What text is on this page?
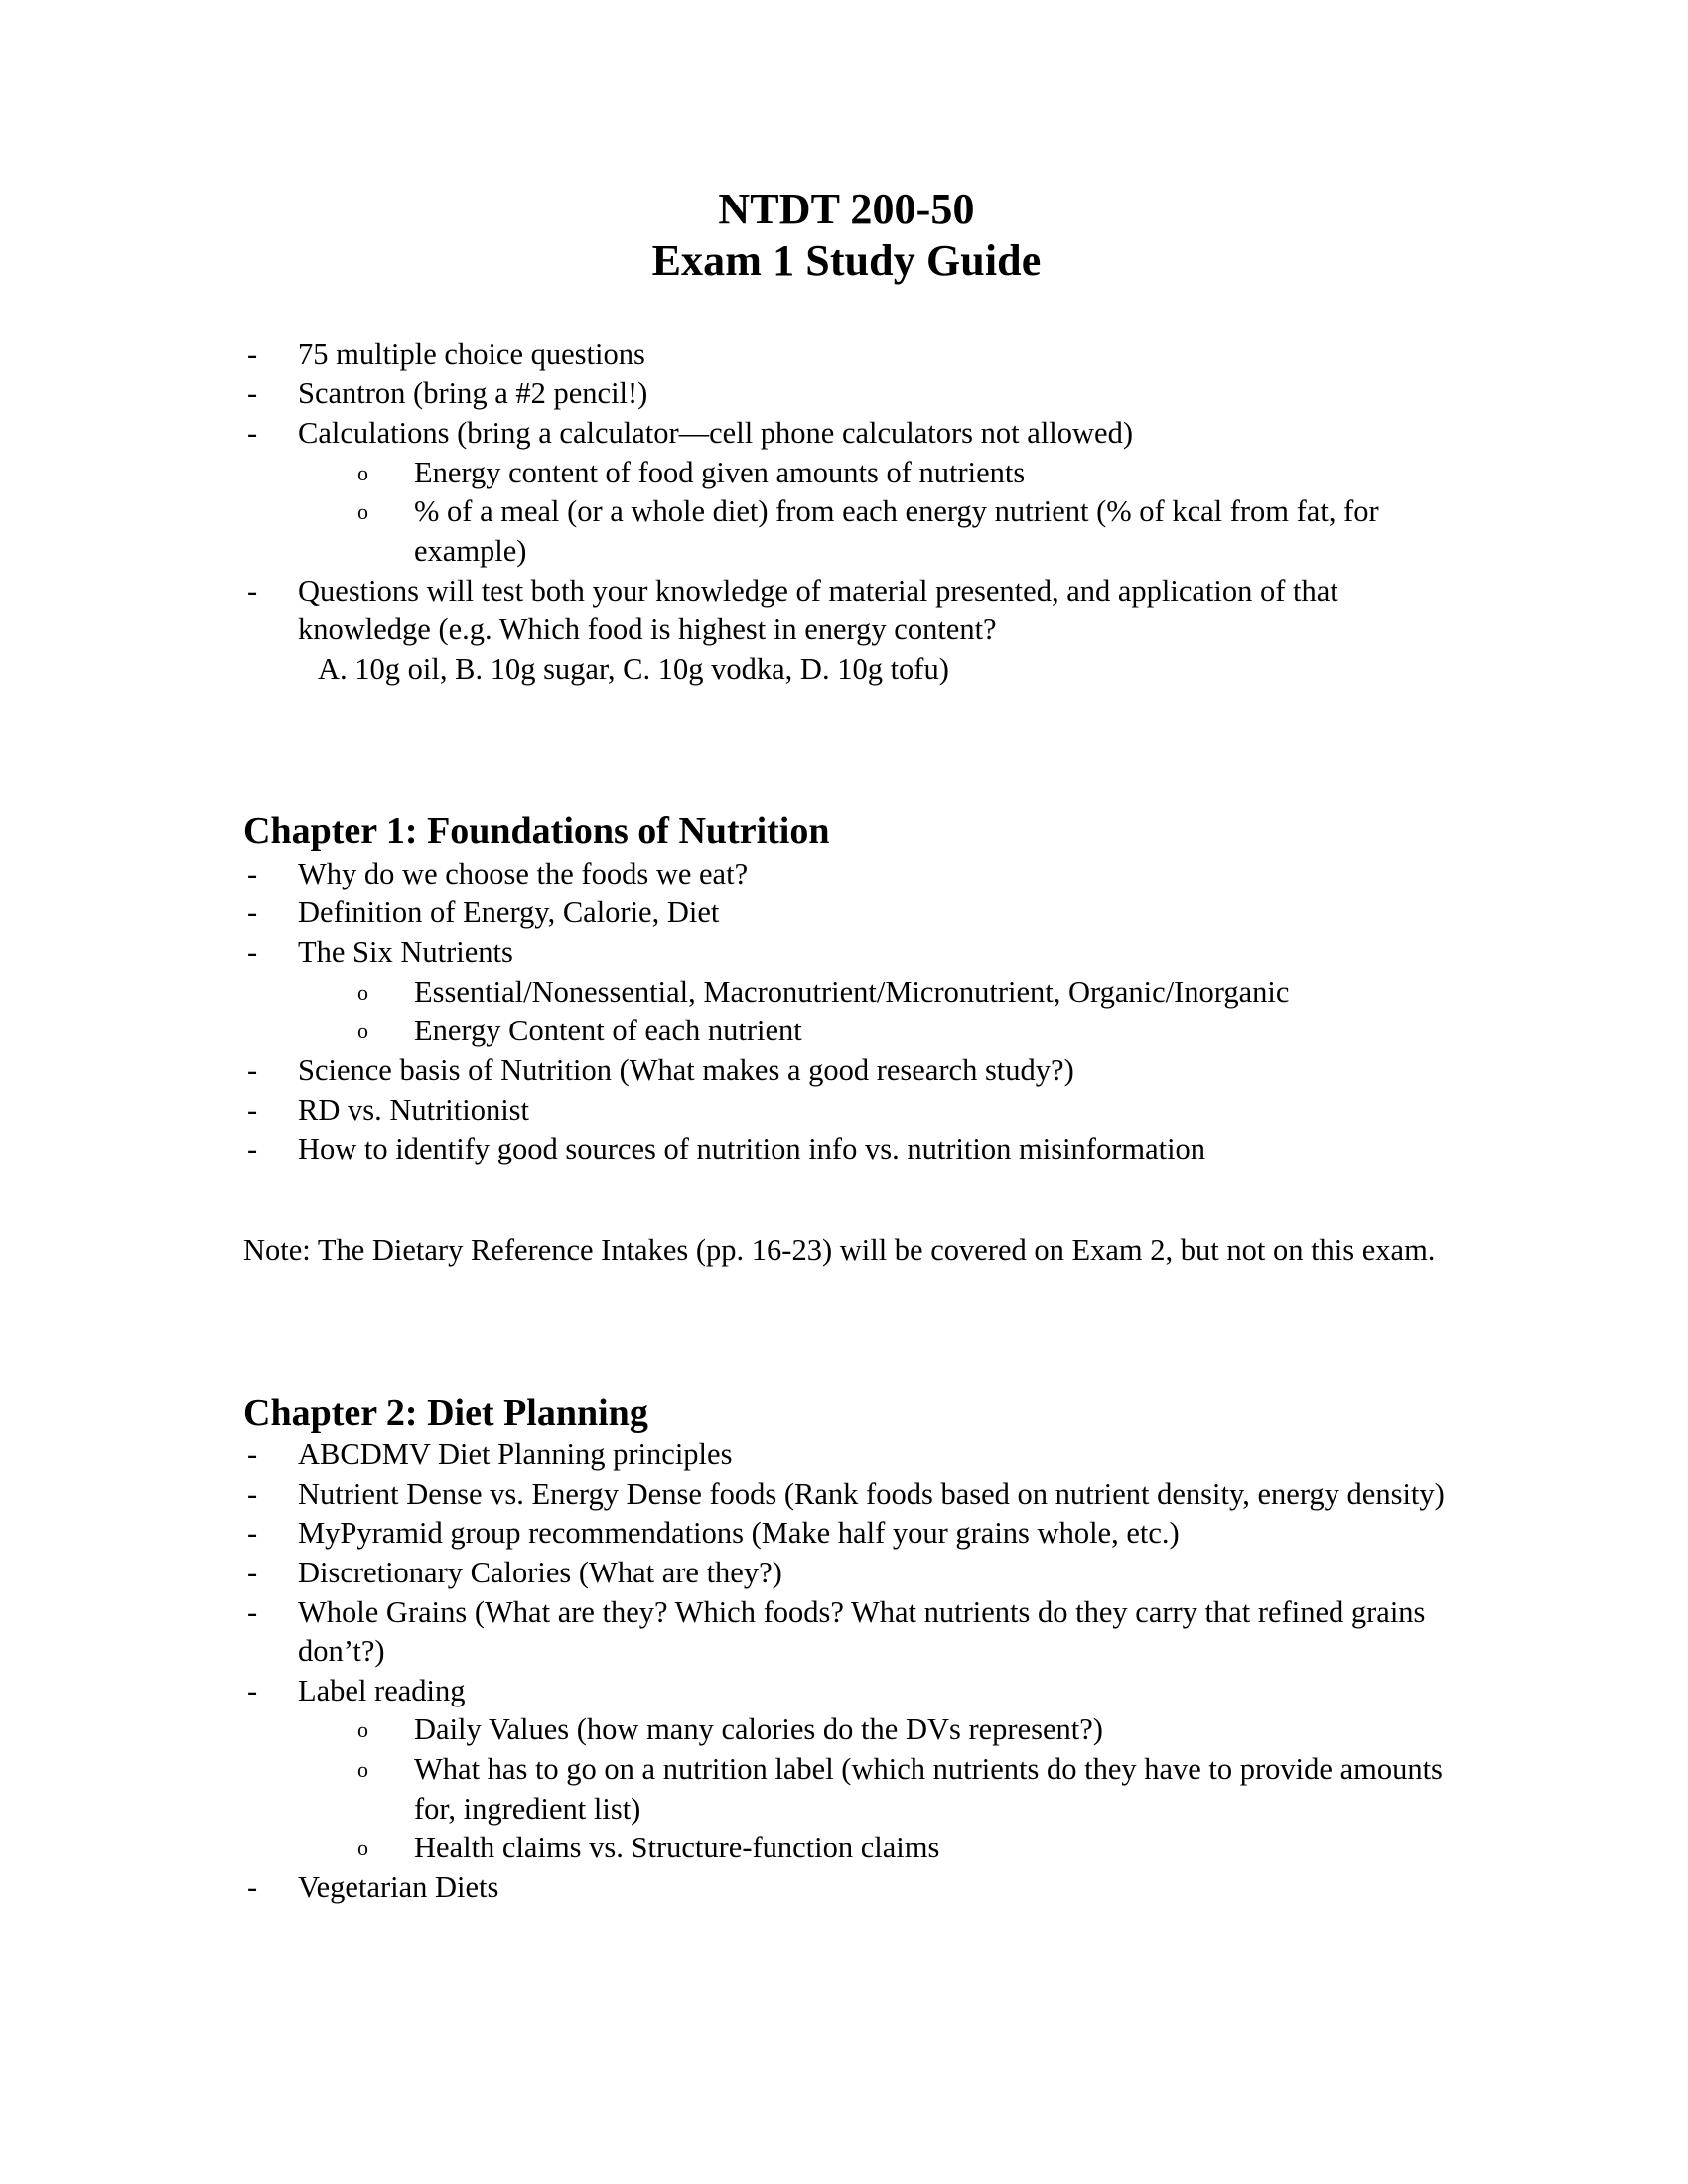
NTDT 200-50
Exam 1 Study Guide
- 75 multiple choice questions
- Scantron (bring a #2 pencil!)
- Calculations (bring a calculator—cell phone calculators not allowed)
o Energy content of food given amounts of nutrients
o % of a meal (or a whole diet) from each energy nutrient (% of kcal from fat, for example)
- Questions will test both your knowledge of material presented, and application of that knowledge (e.g. Which food is highest in energy content?
A. 10g oil, B. 10g sugar, C. 10g vodka, D. 10g tofu)
Chapter 1: Foundations of Nutrition
- Why do we choose the foods we eat?
- Definition of Energy, Calorie, Diet
- The Six Nutrients
o Essential/Nonessential, Macronutrient/Micronutrient, Organic/Inorganic
o Energy Content of each nutrient
- Science basis of Nutrition (What makes a good research study?)
- RD vs. Nutritionist
- How to identify good sources of nutrition info vs. nutrition misinformation

Note: The Dietary Reference Intakes (pp. 16-23) will be covered on Exam 2, but not on this exam.

Chapter 2: Diet Planning
- ABCDMV Diet Planning principles
- Nutrient Dense vs. Energy Dense foods (Rank foods based on nutrient density, energy density)
- MyPyramid group recommendations (Make half your grains whole, etc.)
- Discretionary Calories (What are they?)
- Whole Grains (What are they? Which foods? What nutrients do they carry that refined grains don’t?)
- Label reading
o Daily Values (how many calories do the DVs represent?)
o What has to go on a nutrition label (which nutrients do they have to provide amounts for, ingredient list)
o Health claims vs. Structure-function claims
- Vegetarian Diets
